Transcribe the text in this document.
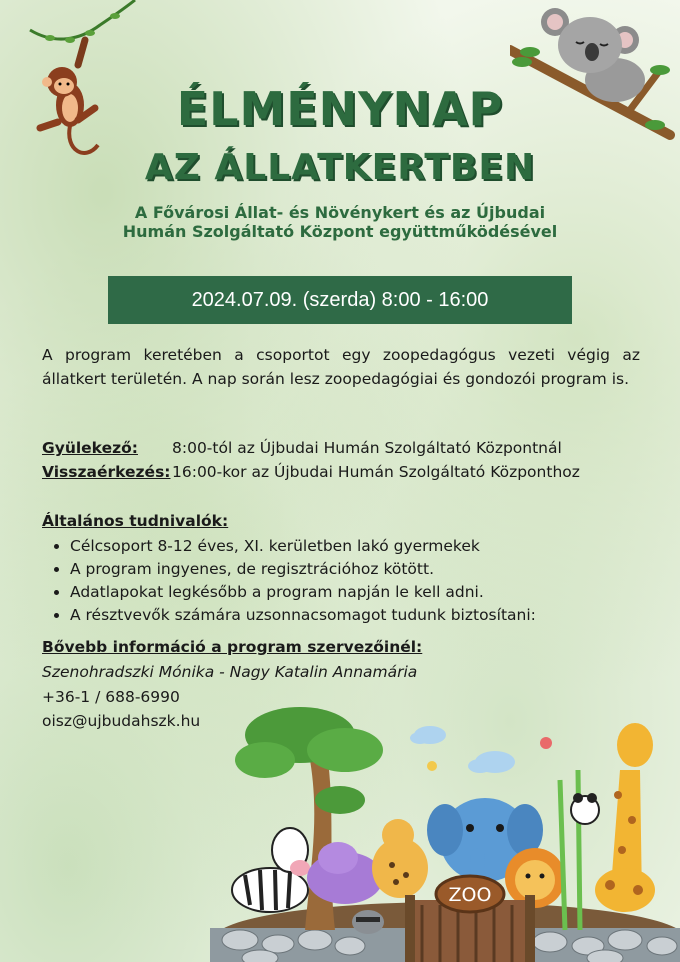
ÉLMÉNYNAP
AZ ÁLLATKERTBEN
A Fővárosi Állat- és Növénykert és az Újbudai Humán Szolgáltató Központ együttműködésével
2024.07.09. (szerda) 8:00 - 16:00
A program keretében a csoportot egy zoopedagógus vezeti végig az állatkert területén. A nap során lesz zoopedagógiai és gondozói program is.
Gyülekező: 8:00-tól az Újbudai Humán Szolgáltató Központnál
Visszaérkezés:16:00-kor az Újbudai Humán Szolgáltató Központhoz
Általános tudnivalók:
• Célcsoport 8-12 éves, XI. kerületben lakó gyermekek
• A program ingyenes, de regisztrációhoz kötött.
• Adatlapokat legkésőbb a program napján le kell adni.
• A résztvevők számára uzsonnacsomagot tudunk biztosítani:
Bővebb információ a program szervezőinél:
Szenohradszki Mónika - Nagy Katalin Annamária
+36-1 / 688-6990
oisz@ujbudahszk.hu
ZOO
